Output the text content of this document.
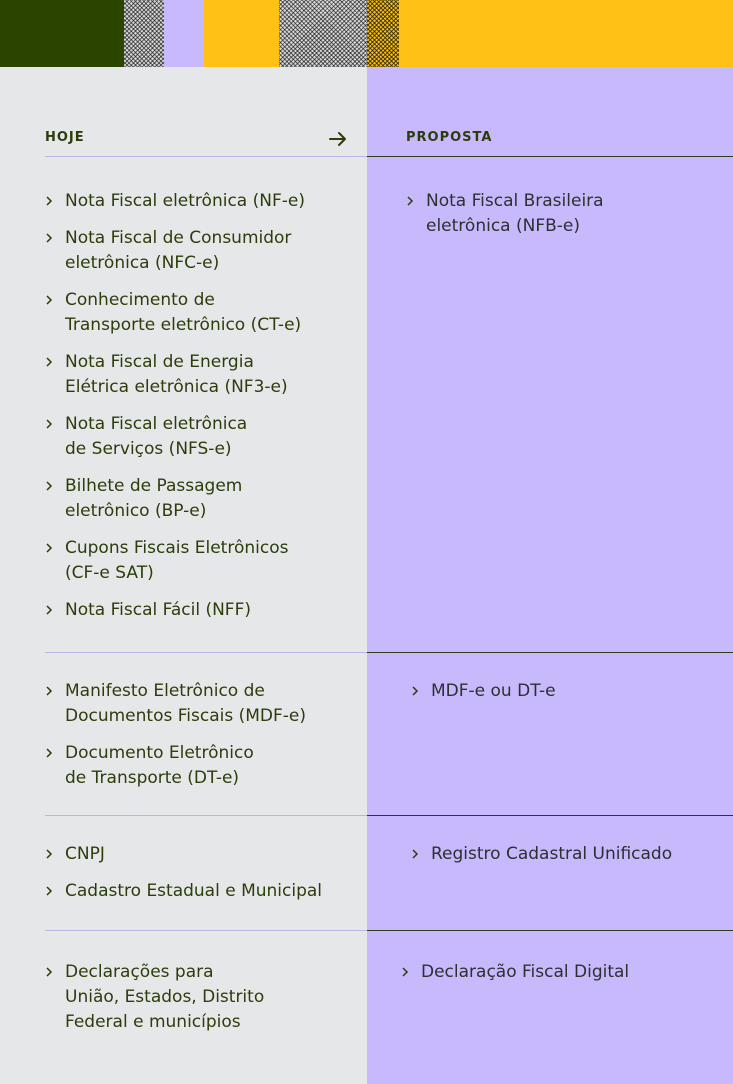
HOJE	PROPOSTA
Nota Fiscal eletrônica (NF-e)
Nota Fiscal de Consumidor
eletrônica (NFC-e)
Conhecimento de
Transporte eletrônico (CT-e)
Nota Fiscal de Energia
Elétrica eletrônica (NF3-e)
Nota Fiscal eletrônica
de Serviços (NFS-e)
Bilhete de Passagem
eletrônico (BP-e)
Cupons Fiscais Eletrônicos
(CF-e SAT)
Nota Fiscal Fácil (NFF)
Nota Fiscal Brasileira
eletrônica (NFB-e)
Manifesto Eletrônico de
Documentos Fiscais (MDF-e)
Documento Eletrônico
de Transporte (DT-e)
MDF-e ou DT-e
CNPJ
Cadastro Estadual e Municipal
Registro Cadastral Unificado
Declarações para
União, Estados, Distrito
Federal e municípios
Declaração Fiscal Digital
